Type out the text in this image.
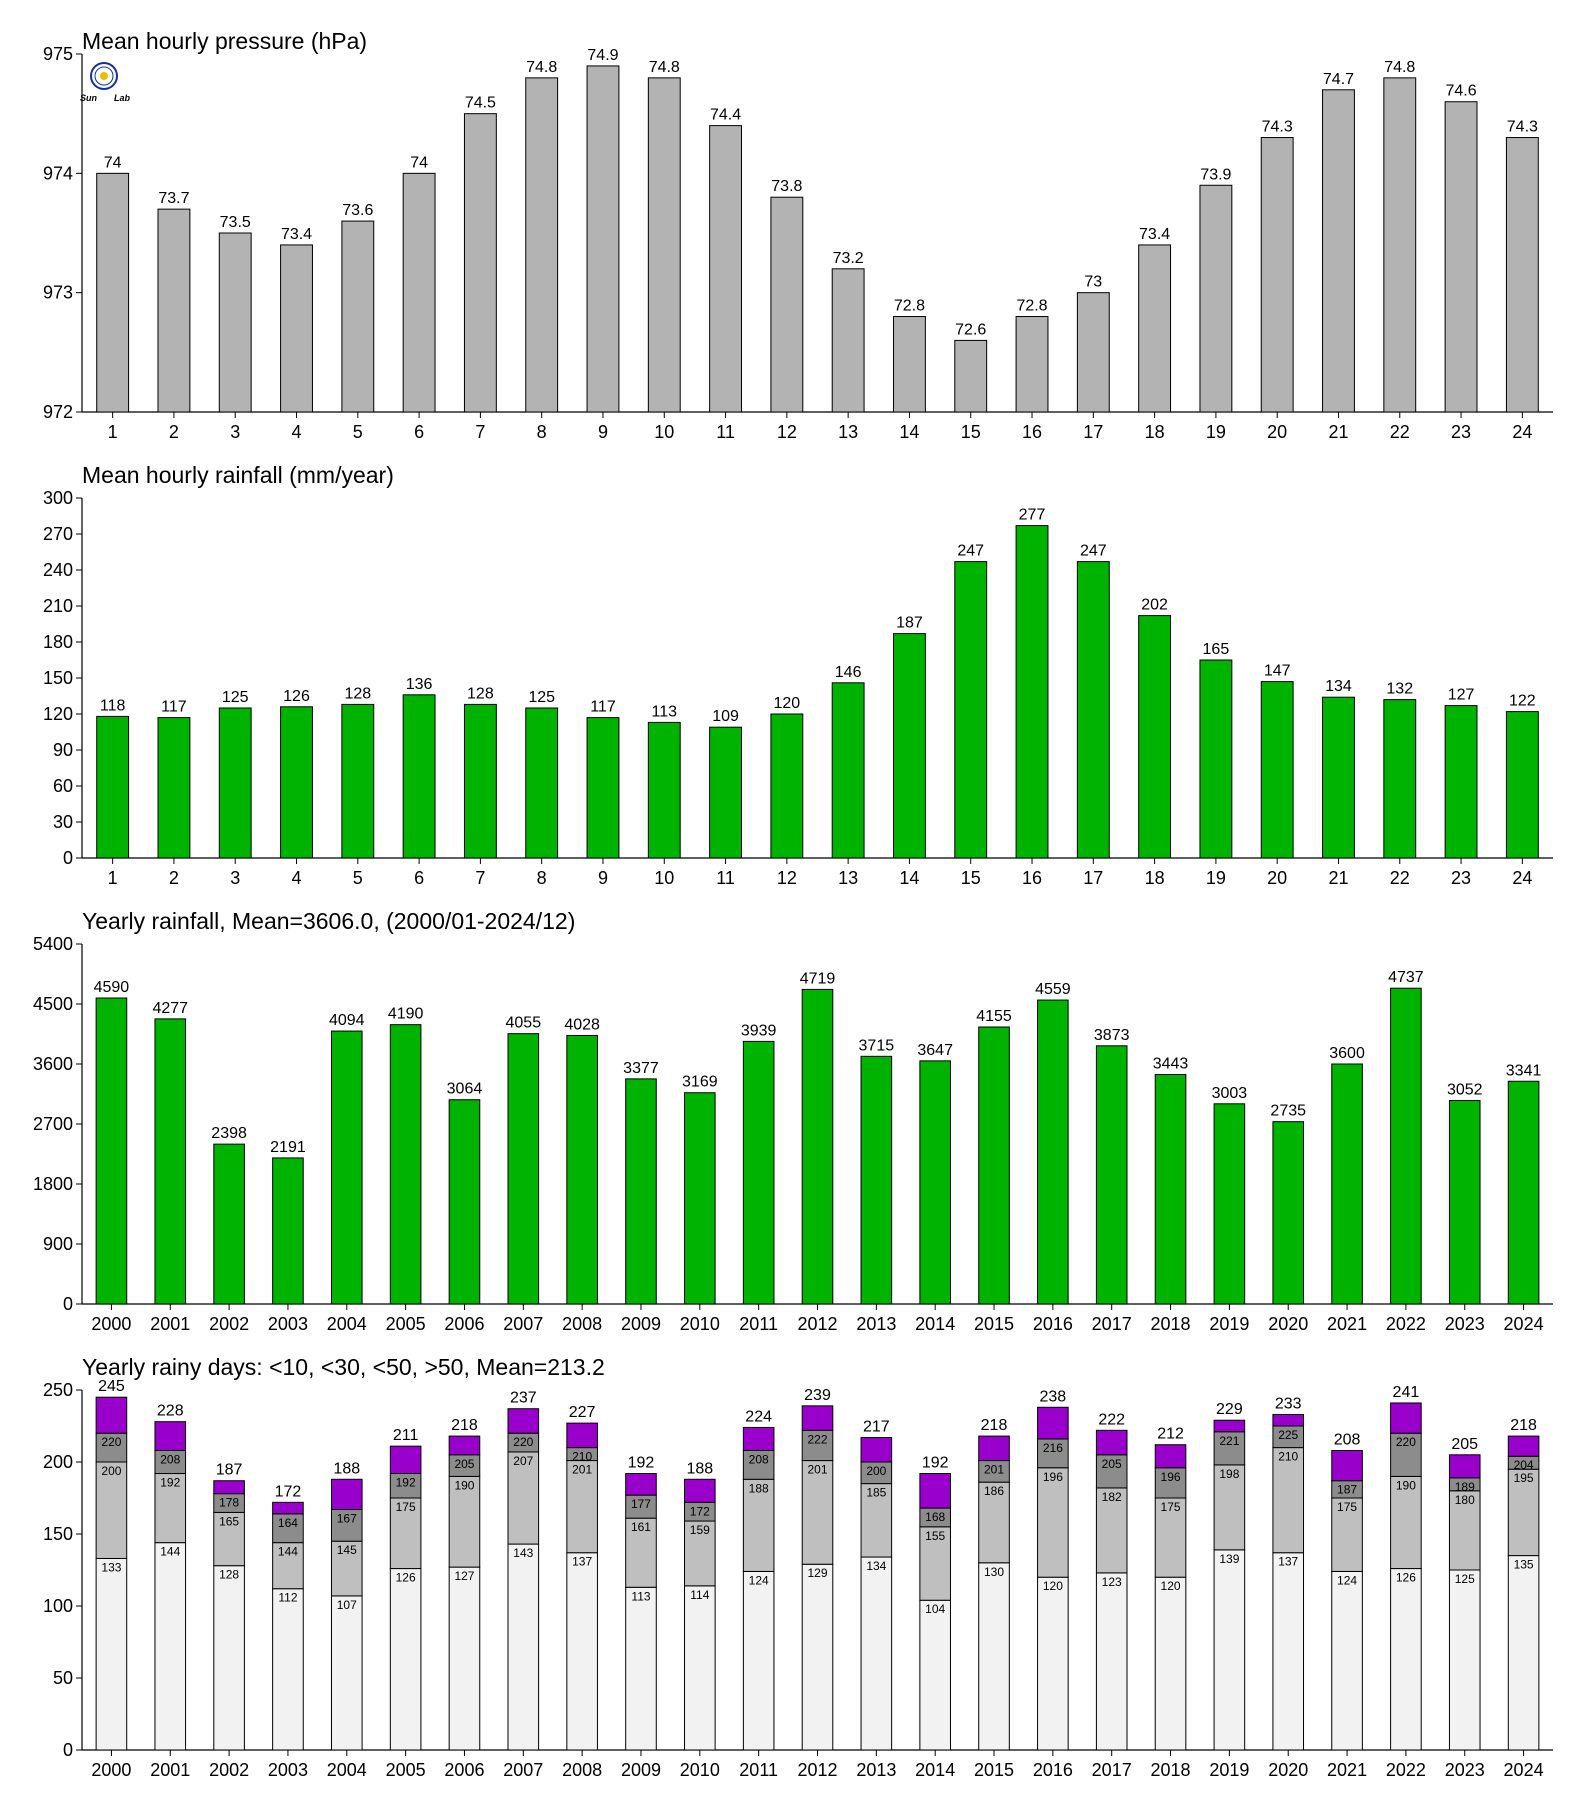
972
973
974
975 Mean hourly pressure (hPa)
1
74
2
73.7
3
73.5
4
73.4
5
73.6
6
74
7
74.5
8
74.8
9
74.9
10
74.8
11
74.4
12
73.8
13
73.2
14
72.8
15
72.6
16
72.8
17
73
18
73.4
19
73.9
20
74.3
21
74.7
22
74.8
23
74.6
24
74.3
0
30
60
90
120
150
180
210
240
270
300
Mean hourly rainfall (mm/year)
1
118
2
117
3
125
4
126
5
128
6
136
7
128
8
125
9
117
10
113
11
109
12
120
13
146
14
187
15
247
16
277
17
247
18
202
19
165
20
147
21
134
22
132
23
127
24
122
0
900
1800
2700
3600
4500
5400
Yearly rainfall, Mean=3606.0, (2000/01-2024/12)
2000
4590
2001
4277
2002
2398
2003
2191
2004
4094
2005
4190
2006
3064
2007
4055
2008
4028
2009
3377
2010
3169
2011
3939
2012
4719
2013
3715
2014
3647
2015
4155
2016
4559
2017
3873
2018
3443
2019
3003
2020
2735
2021
3600
2022
4737
2023
3052
2024
3341
0
50
100
150
200
250
Yearly rainy days: <10, <30, <50, >50, Mean=213.2
2000
133
200
220
245
2001
144
192
208
228
2002
128
165
178
187
2003
112
144
164
172
2004
107
145
167
188
2005
126
175
192
211
2006
127
190
205
218
2007
143
207
220
237
2008
137
201
210
227
2009
113
161
177
192
2010
114
159
172
188
2011
124
188
208
224
2012
129
201
222
239
2013
134
185
200
217
2014
104
155
168
192
2015
130
186
201
218
2016
120
196
216
238
2017
123
182
205
222
2018
120
175
196
212
2019
139
198
221
229
2020
137
210
225
233
2021
124
175
187
208
2022
126
190
220
241
2023
125
180
189
205
2024
135
195
204
218
Sun Lab
